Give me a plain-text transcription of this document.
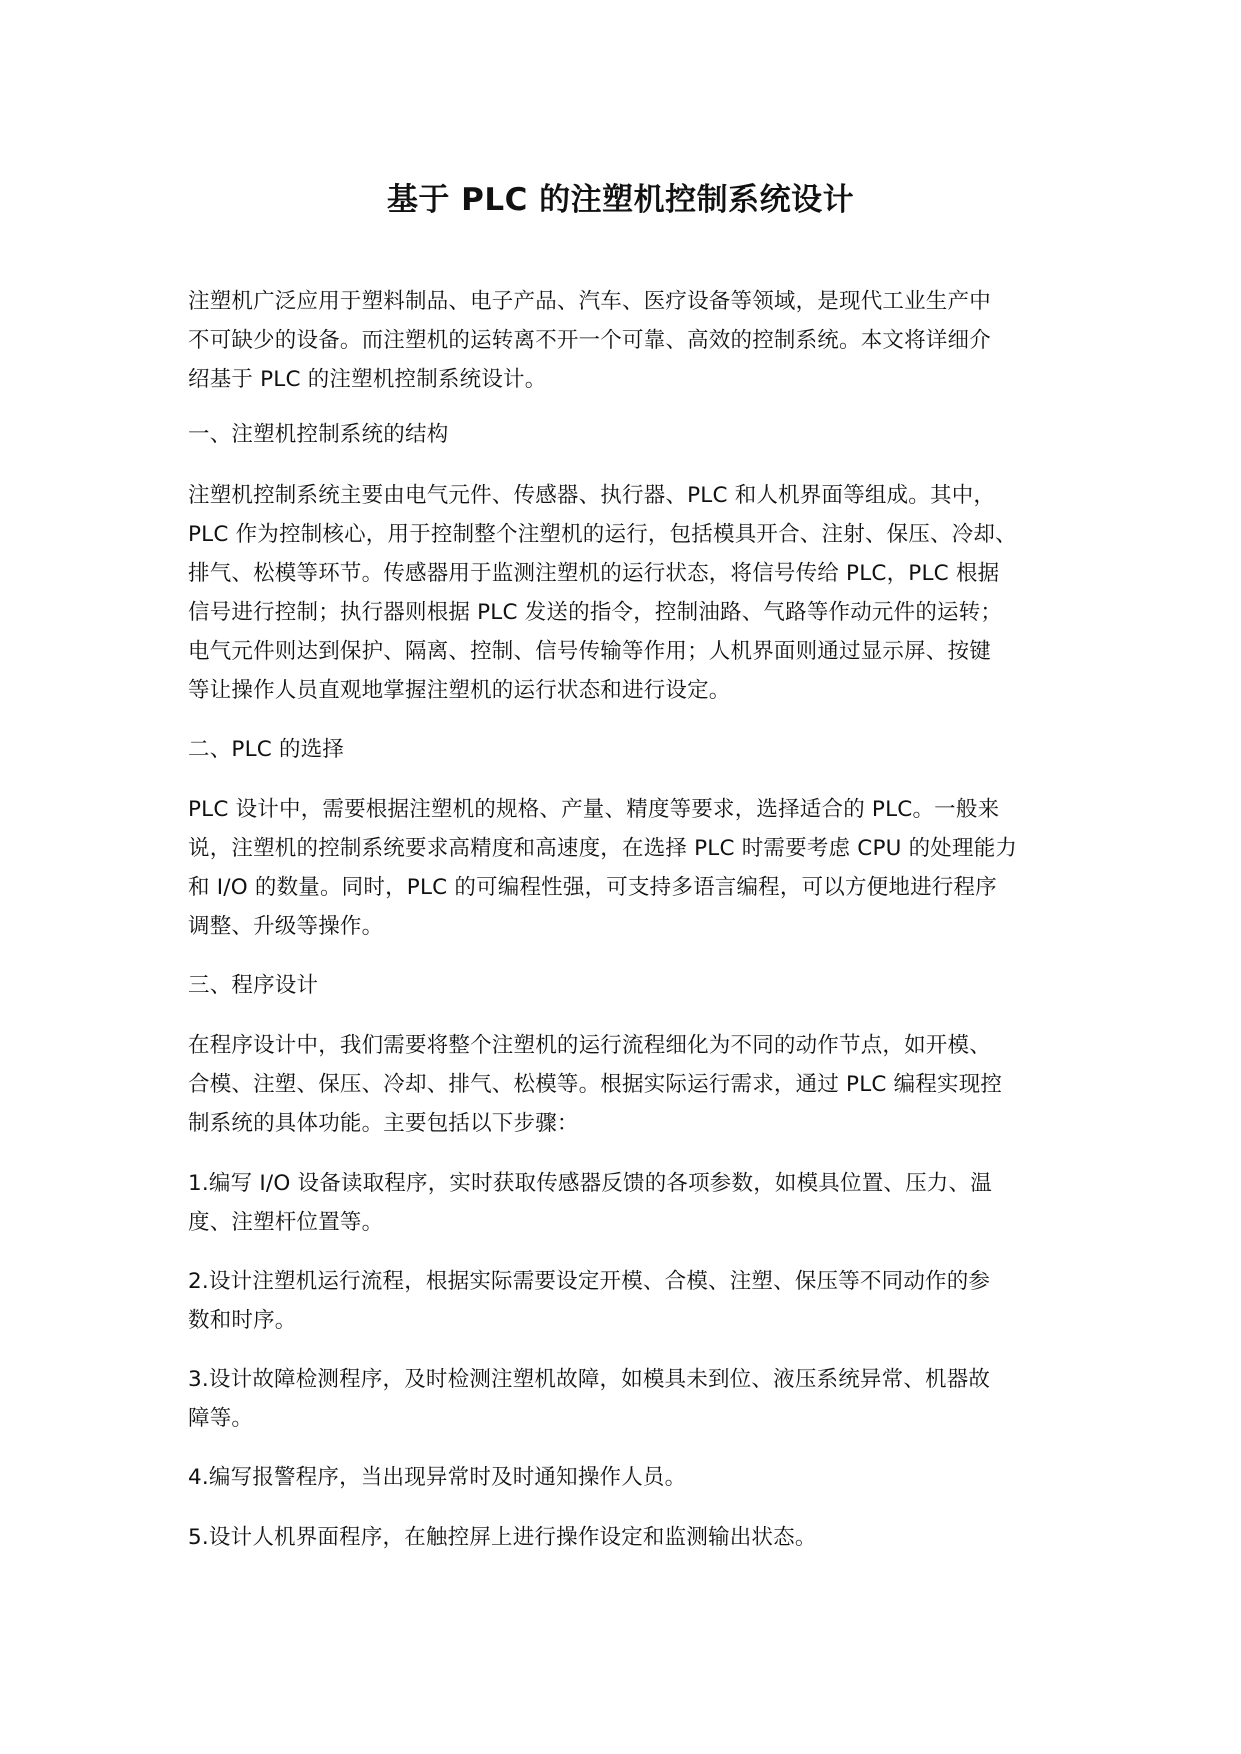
基于 PLC 的注塑机控制系统设计

注塑机广泛应用于塑料制品、电子产品、汽车、医疗设备等领域，是现代工业生产中
不可缺少的设备。而注塑机的运转离不开一个可靠、高效的控制系统。本文将详细介
绍基于 PLC 的注塑机控制系统设计。

一、注塑机控制系统的结构

注塑机控制系统主要由电气元件、传感器、执行器、PLC 和人机界面等组成。其中，
PLC 作为控制核心，用于控制整个注塑机的运行，包括模具开合、注射、保压、冷却、
排气、松模等环节。传感器用于监测注塑机的运行状态，将信号传给 PLC，PLC 根据
信号进行控制；执行器则根据 PLC 发送的指令，控制油路、气路等作动元件的运转；
电气元件则达到保护、隔离、控制、信号传输等作用；人机界面则通过显示屏、按键
等让操作人员直观地掌握注塑机的运行状态和进行设定。

二、PLC 的选择

PLC 设计中，需要根据注塑机的规格、产量、精度等要求，选择适合的 PLC。一般来
说，注塑机的控制系统要求高精度和高速度，在选择 PLC 时需要考虑 CPU 的处理能力
和 I/O 的数量。同时，PLC 的可编程性强，可支持多语言编程，可以方便地进行程序
调整、升级等操作。

三、程序设计

在程序设计中，我们需要将整个注塑机的运行流程细化为不同的动作节点，如开模、
合模、注塑、保压、冷却、排气、松模等。根据实际运行需求，通过 PLC 编程实现控
制系统的具体功能。主要包括以下步骤：

1.编写 I/O 设备读取程序，实时获取传感器反馈的各项参数，如模具位置、压力、温
度、注塑杆位置等。

2.设计注塑机运行流程，根据实际需要设定开模、合模、注塑、保压等不同动作的参
数和时序。

3.设计故障检测程序，及时检测注塑机故障，如模具未到位、液压系统异常、机器故
障等。

4.编写报警程序，当出现异常时及时通知操作人员。

5.设计人机界面程序，在触控屏上进行操作设定和监测输出状态。
